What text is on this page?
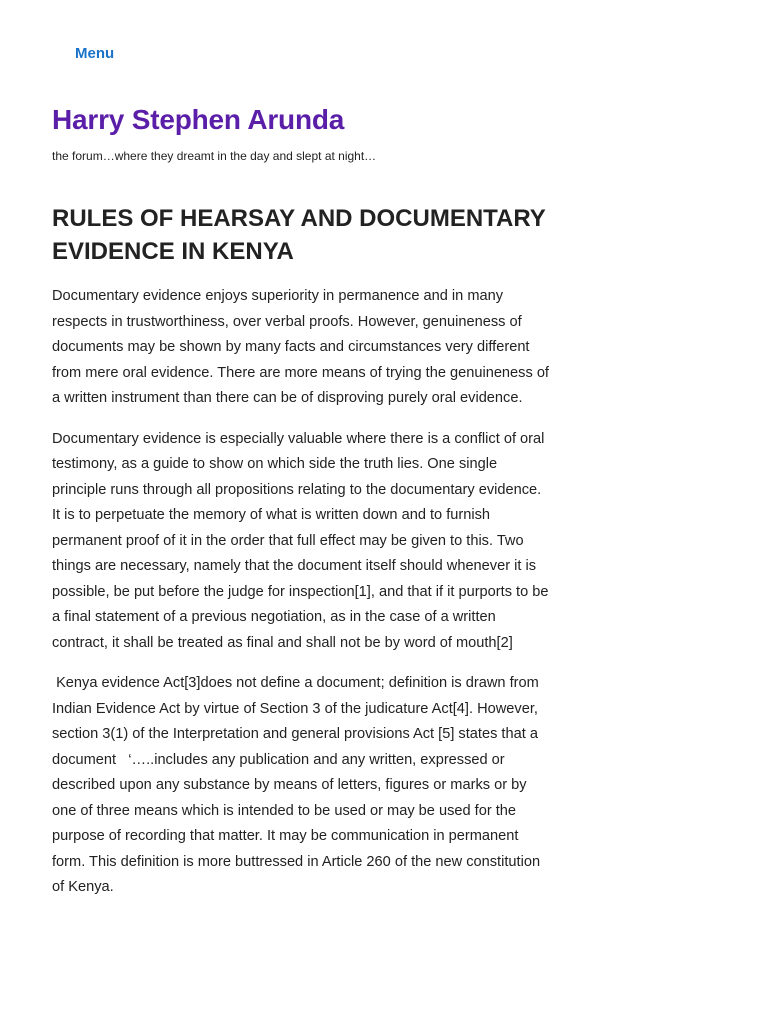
Menu
Harry Stephen Arunda

the forum…where they dreamt in the day and slept at night…

RULES OF HEARSAY AND DOCUMENTARY EVIDENCE IN KENYA

Documentary evidence enjoys superiority in permanence and in many respects in trustworthiness, over verbal proofs. However, genuineness of documents may be shown by many facts and circumstances very different from mere oral evidence. There are more means of trying the genuineness of a written instrument than there can be of disproving purely oral evidence.

Documentary evidence is especially valuable where there is a conflict of oral testimony, as a guide to show on which side the truth lies. One single principle runs through all propositions relating to the documentary evidence. It is to perpetuate the memory of what is written down and to furnish permanent proof of it in the order that full effect may be given to this. Two things are necessary, namely that the document itself should whenever it is possible, be put before the judge for inspection[1], and that if it purports to be a final statement of a previous negotiation, as in the case of a written contract, it shall be treated as final and shall not be by word of mouth[2]

Kenya evidence Act[3]does not define a document; definition is drawn from Indian Evidence Act by virtue of Section 3 of the judicature Act[4]. However, section 3(1) of the Interpretation and general provisions Act [5] states that a document   ‘…..includes any publication and any written, expressed or described upon any substance by means of letters, figures or marks or by one of three means which is intended to be used or may be used for the purpose of recording that matter. It may be communication in permanent form. This definition is more buttressed in Article 260 of the new constitution of Kenya.
